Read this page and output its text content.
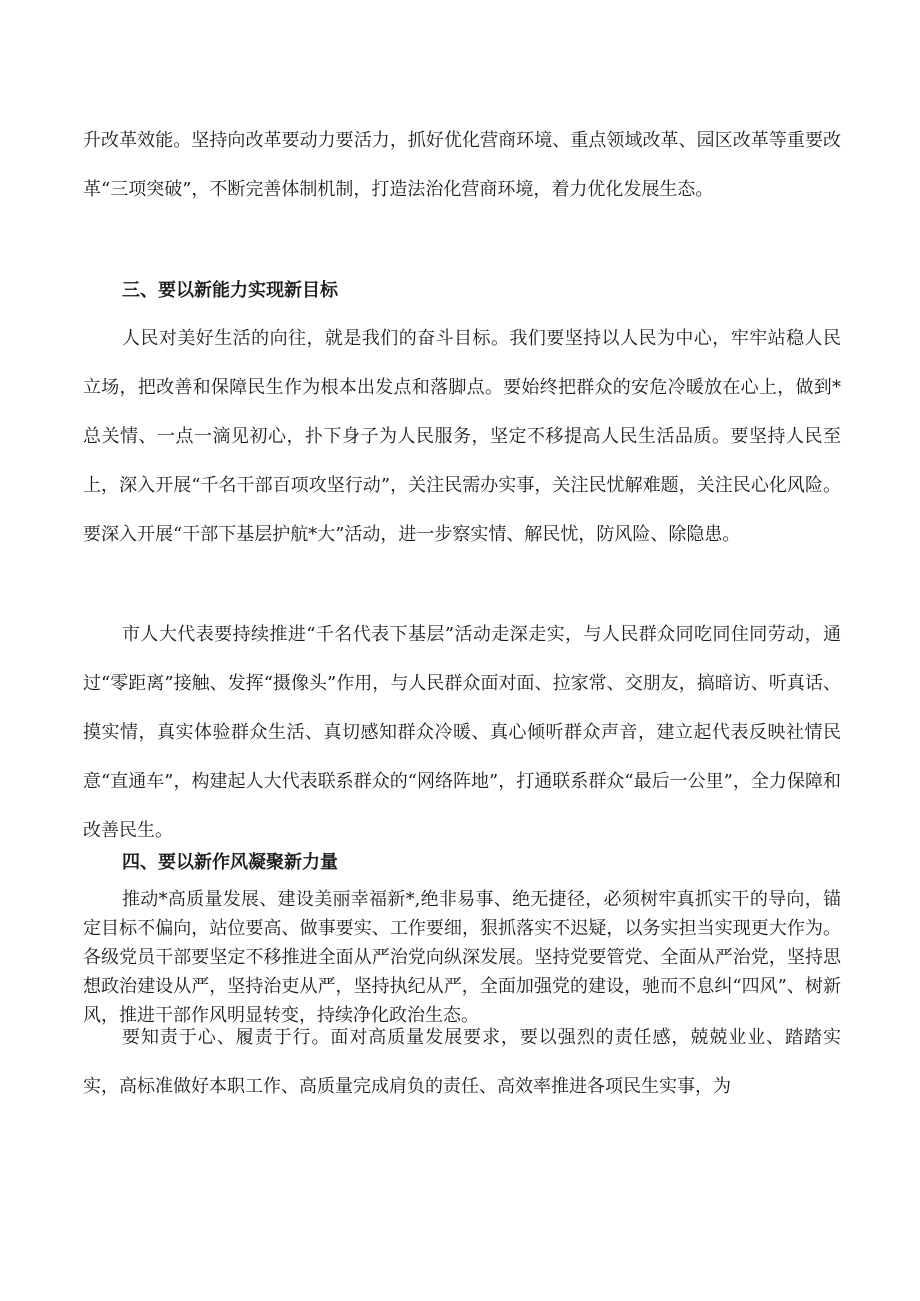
升改革效能。坚持向改革要动力要活力，抓好优化营商环境、重点领域改革、园区改革等重要改革“三项突破”，不断完善体制机制，打造法治化营商环境，着力优化发展生态。

三、要以新能力实现新目标

人民对美好生活的向往，就是我们的奋斗目标。我们要坚持以人民为中心，牢牢站稳人民立场，把改善和保障民生作为根本出发点和落脚点。要始终把群众的安危冷暖放在心上，做到*总关情、一点一滴见初心，扑下身子为人民服务，坚定不移提高人民生活品质。要坚持人民至上，深入开展“千名干部百项攻坚行动”，关注民需办实事，关注民忧解难题，关注民心化风险。要深入开展“干部下基层护航*大”活动，进一步察实情、解民忧，防风险、除隐患。

市人大代表要持续推进“千名代表下基层”活动走深走实，与人民群众同吃同住同劳动，通过“零距离”接触、发挥“摄像头”作用，与人民群众面对面、拉家常、交朋友，搞暗访、听真话、摸实情，真实体验群众生活、真切感知群众冷暖、真心倾听群众声音，建立起代表反映社情民意“直通车”，构建起人大代表联系群众的“网络阵地”，打通联系群众“最后一公里”，全力保障和改善民生。

四、要以新作风凝聚新力量

推动*高质量发展、建设美丽幸福新*,绝非易事、绝无捷径，必须树牢真抓实干的导向，锚定目标不偏向，站位要高、做事要实、工作要细，狠抓落实不迟疑，以务实担当实现更大作为。各级党员干部要坚定不移推进全面从严治党向纵深发展。坚持党要管党、全面从严治党，坚持思想政治建设从严，坚持治吏从严，坚持执纪从严，全面加强党的建设，驰而不息纠“四风”、树新风，推进干部作风明显转变，持续净化政治生态。

要知责于心、履责于行。面对高质量发展要求，要以强烈的责任感，兢兢业业、踏踏实实，高标准做好本职工作、高质量完成肩负的责任、高效率推进各项民生实事，为
